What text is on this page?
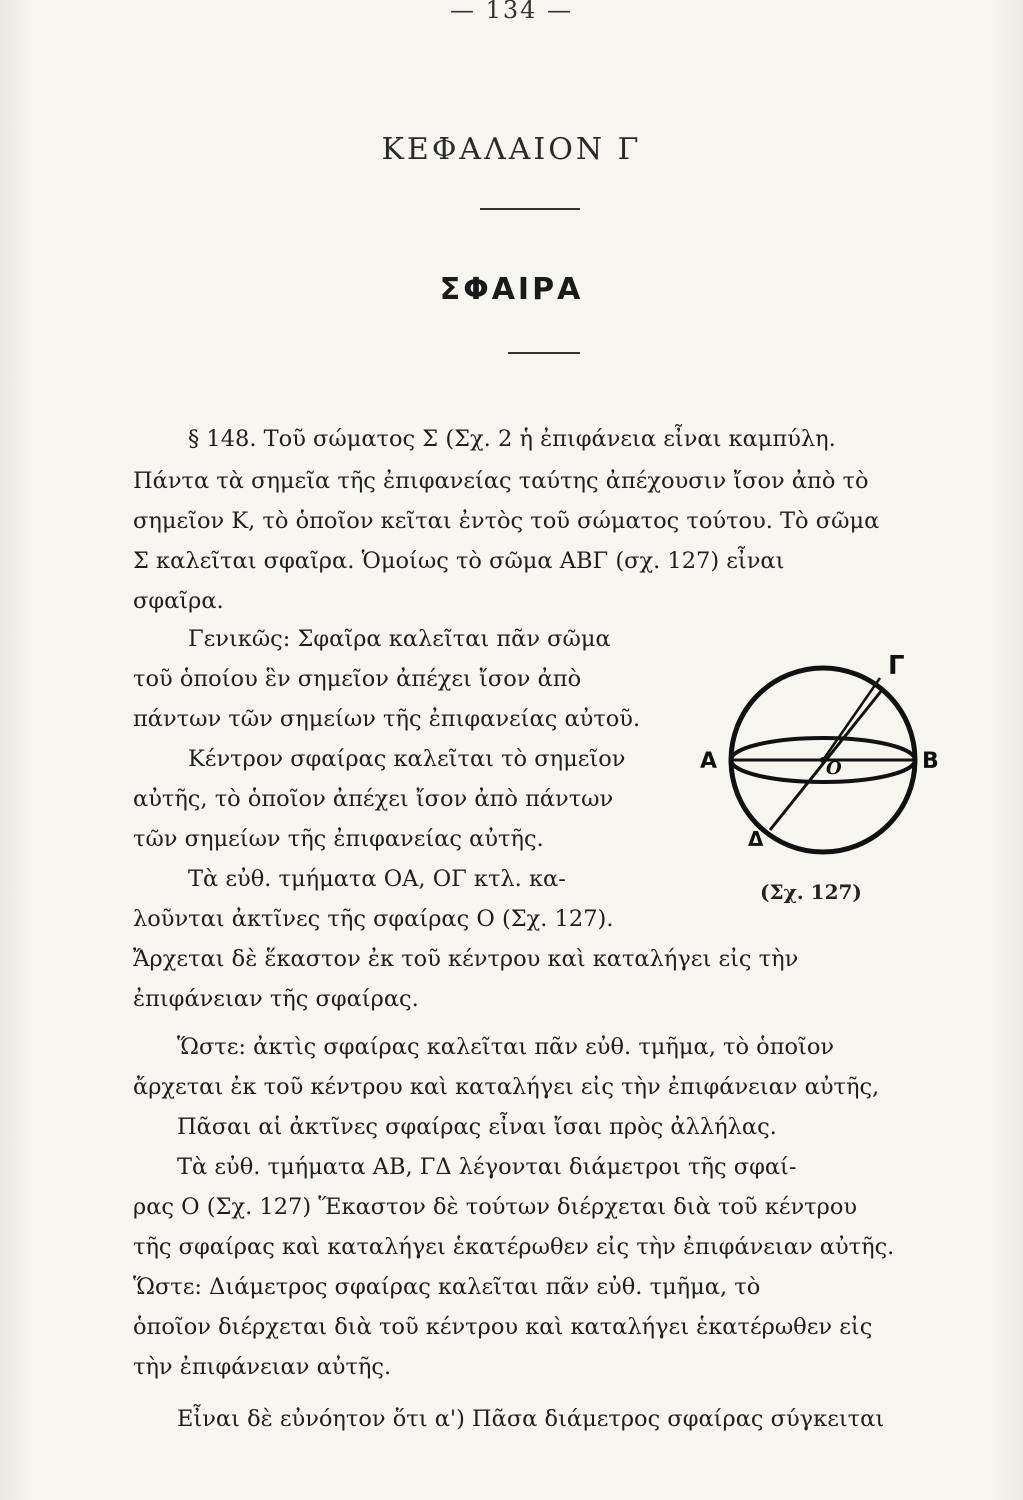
— 134 —
ΚΕΦΑΛΑΙΟΝ Γ
ΣΦΑΙΡΑ
§ 148. Τοῦ σώματος Σ (Σχ. 2 ἡ ἐπιφάνεια εἶναι καμπύλη.
Πάντα τὰ σημεῖα τῆς ἐπιφανείας ταύτης ἀπέχουσιν ἴσον ἀπὸ τὸ
σημεῖον Κ, τὸ ὁποῖον κεῖται ἐντὸς τοῦ σώματος τούτου. Τὸ σῶμα
Σ καλεῖται σφαῖρα. Ὁμοίως τὸ σῶμα ΑΒΓ (σχ. 127) εἶναι
σφαῖρα.
Γενικῶς: Σφαῖρα καλεῖται πᾶν σῶμα
τοῦ ὁποίου ἓν σημεῖον ἀπέχει ἴσον ἀπὸ
πάντων τῶν σημείων τῆς ἐπιφανείας αὐτοῦ.
Κέντρον σφαίρας καλεῖται τὸ σημεῖον
αὐτῆς, τὸ ὁποῖον ἀπέχει ἴσον ἀπὸ πάντων
τῶν σημείων τῆς ἐπιφανείας αὐτῆς.
Τὰ εὐθ. τμήματα ΟΑ, ΟΓ κτλ. κα-
λοῦνται ἀκτῖνες τῆς σφαίρας Ο (Σχ. 127).
Ἄρχεται δὲ ἕκαστον ἐκ τοῦ κέντρου καὶ καταλήγει εἰς τὴν
ἐπιφάνειαν τῆς σφαίρας.
Ὥστε: ἀκτὶς σφαίρας καλεῖται πᾶν εὐθ. τμῆμα, τὸ ὁποῖον
ἄρχεται ἐκ τοῦ κέντρου καὶ καταλήγει εἰς τὴν ἐπιφάνειαν αὐτῆς,
Πᾶσαι αἱ ἀκτῖνες σφαίρας εἶναι ἴσαι πρὸς ἀλλήλας.
Τὰ εὐθ. τμήματα ΑΒ, ΓΔ λέγονται διάμετροι τῆς σφαί-
ρας Ο (Σχ. 127) Ἕκαστον δὲ τούτων διέρχεται διὰ τοῦ κέντρου
τῆς σφαίρας καὶ καταλήγει ἑκατέρωθεν εἰς τὴν ἐπιφάνειαν αὐτῆς.
Ὥστε: Διάμετρος σφαίρας καλεῖται πᾶν εὐθ. τμῆμα, τὸ
ὁποῖον διέρχεται διὰ τοῦ κέντρου καὶ καταλήγει ἑκατέρωθεν εἰς
τὴν ἐπιφάνειαν αὐτῆς.
Εἶναι δὲ εὐνόητον ὅτι α') Πᾶσα διάμετρος σφαίρας σύγκειται
Α	Β
Γ
Δ
Ο
(Σχ. 127)
